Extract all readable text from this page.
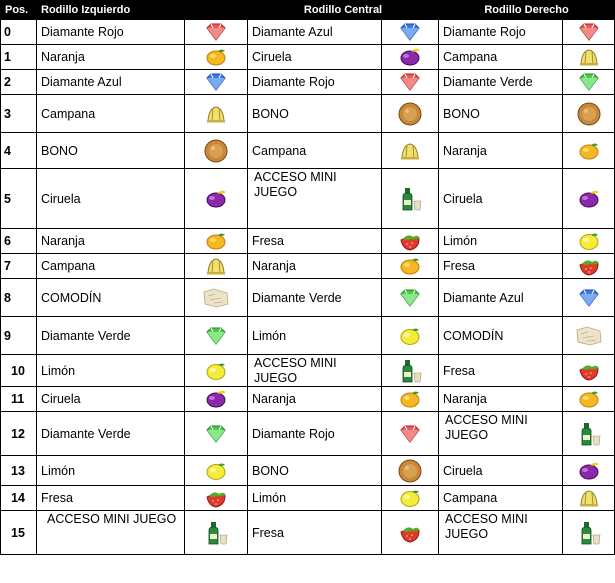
Pos.	Rodillo Izquierdo		Rodillo Central		Rodillo Derecho	
0	Diamante Rojo		Diamante Azul		Diamante Rojo	

1	Naranja		Ciruela		Campana	

2	Diamante Azul		Diamante Rojo		Diamante Verde	

3	Campana		BONO		BONO	

4	BONO		Campana		Naranja	

5	Ciruela		ACCESO MINI JUEGO		Ciruela	

6	Naranja		Fresa		Limón	

7	Campana		Naranja		Fresa	

8	COMODÍN		Diamante Verde		Diamante Azul	

9	Diamante Verde		Limón		COMODÍN	

10	Limón		ACCESO MINI JUEGO		Fresa	

11	Ciruela		Naranja		Naranja	

12	Diamante Verde		Diamante Rojo		ACCESO MINI JUEGO	

13	Limón		BONO		Ciruela	

14	Fresa		Limón		Campana	

15	ACCESO MINI JUEGO		Fresa		ACCESO MINI JUEGO	
